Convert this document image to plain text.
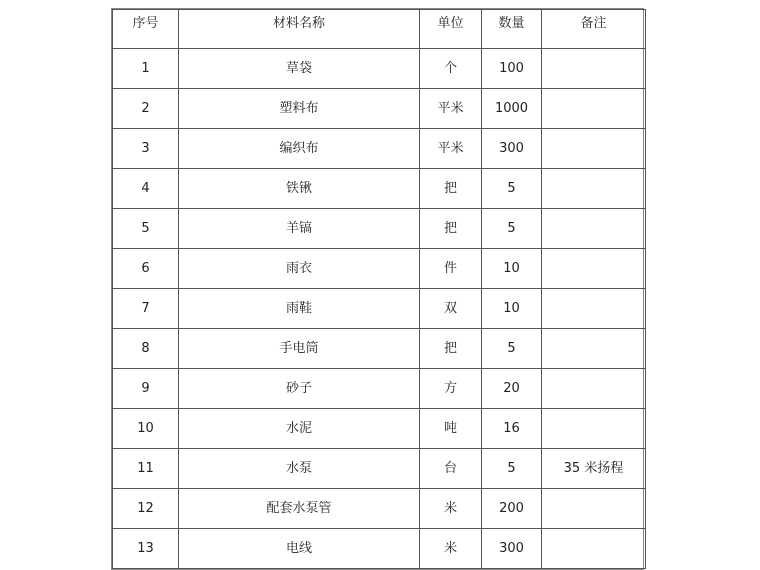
序号	材料名称	单位	数量	备注
1	草袋	个	100	
2	塑料布	平米	1000	
3	编织布	平米	300	
4	铁锹	把	5	
5	羊镐	把	5	
6	雨衣	件	10	
7	雨鞋	双	10	
8	手电筒	把	5	
9	砂子	方	20	
10	水泥	吨	16	
11	水泵	台	5	35 米扬程
12	配套水泵管	米	200	
13	电线	米	300	
